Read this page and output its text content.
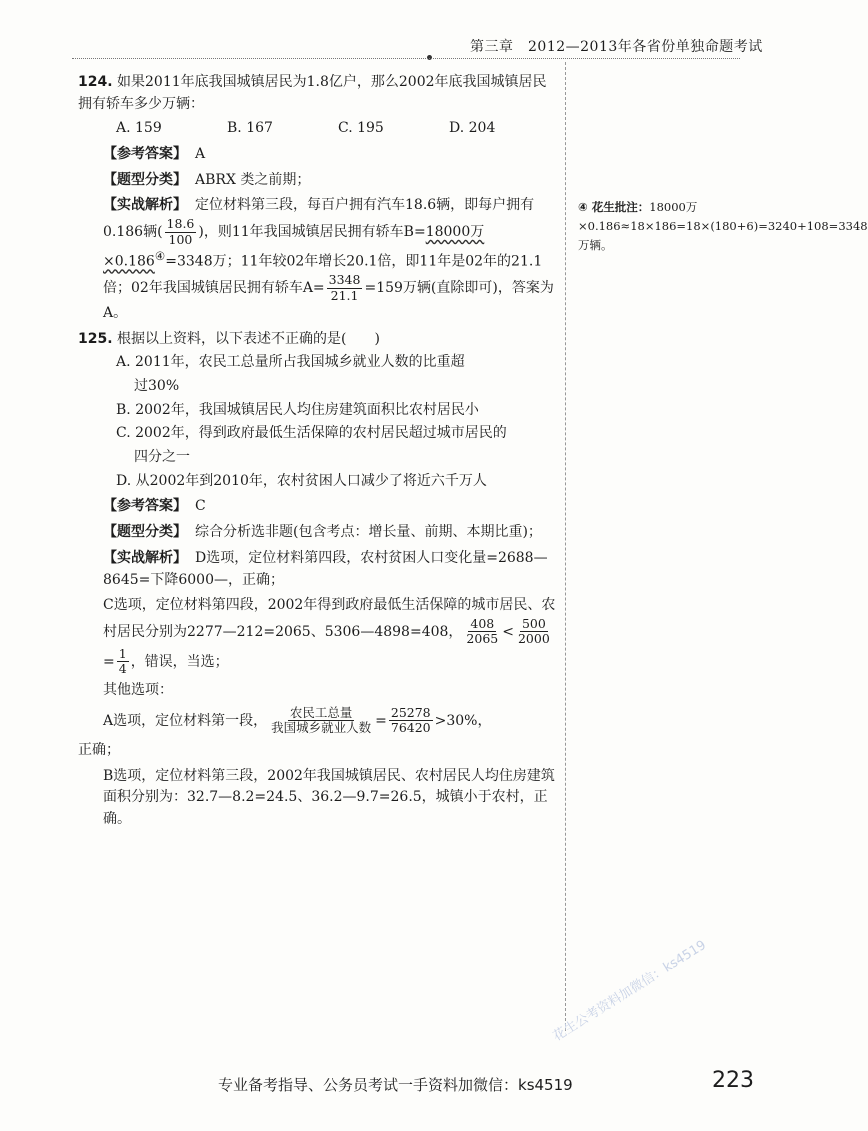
第三章　2012—2013年各省份单独命题考试

124. 如果2011年底我国城镇居民为1.8亿户，那么2002年底我国城镇居民拥有轿车多少万辆：

A. 159	B. 167	C. 195	D. 204

【参考答案】 A

【题型分类】 ABRX 类之前期；

【实战解析】 定位材料第三段，每百户拥有汽车18.6辆，即每户拥有0.186辆( $\frac{18.6}{100}$ )，则11年我国城镇居民拥有轿车B=18000万×0.186④=3348万；11年较02年增长20.1倍，即11年是02年的21.1倍；02年我国城镇居民拥有轿车$A= \frac{3348}{21.1} =159$万辆(直除即可)，答案为A。

125. 根据以上资料，以下表述不正确的是(　　)

A. 2011年，农民工总量所占我国城乡就业人数的比重超

过30%

B. 2002年，我国城镇居民人均住房建筑面积比农村居民小

C. 2002年，得到政府最低生活保障的农村居民超过城市居民的

四分之一

D. 从2002年到2010年，农村贫困人口减少了将近六千万人

【参考答案】 C

【题型分类】 综合分析选非题(包含考点：增长量、前期、本期比重)；

【实战解析】 D选项，定位材料第四段，农村贫困人口变化量=2688—8645=下降6000—，正确；

C选项，定位材料第四段，2002年得到政府最低生活保障的城市居民、农村居民分别为2277—212=2065、5306—4898=408， $\frac{408}{2065} < \frac{500}{2000}$
= $\frac{1}{4}$ ，错误，当选；

其他选项：

A选项，定位材料第一段， $\frac{\text{农民工总量}}{\text{我国城乡就业人数}} = \frac{25278}{76420} >30\%$，

正确；

B选项，定位材料第三段，2002年我国城镇居民、农村居民人均住房建筑面积分别为：32.7—8.2=24.5、36.2—9.7=26.5，城镇小于农村，正确。

④ 花生批注：18000万×0.186≈18×186=18×(180+6)=3240+108=3348万辆。
花生公考资料加微信：ks4519
专业备考指导、公务员考试一手资料加微信：ks4519	223
